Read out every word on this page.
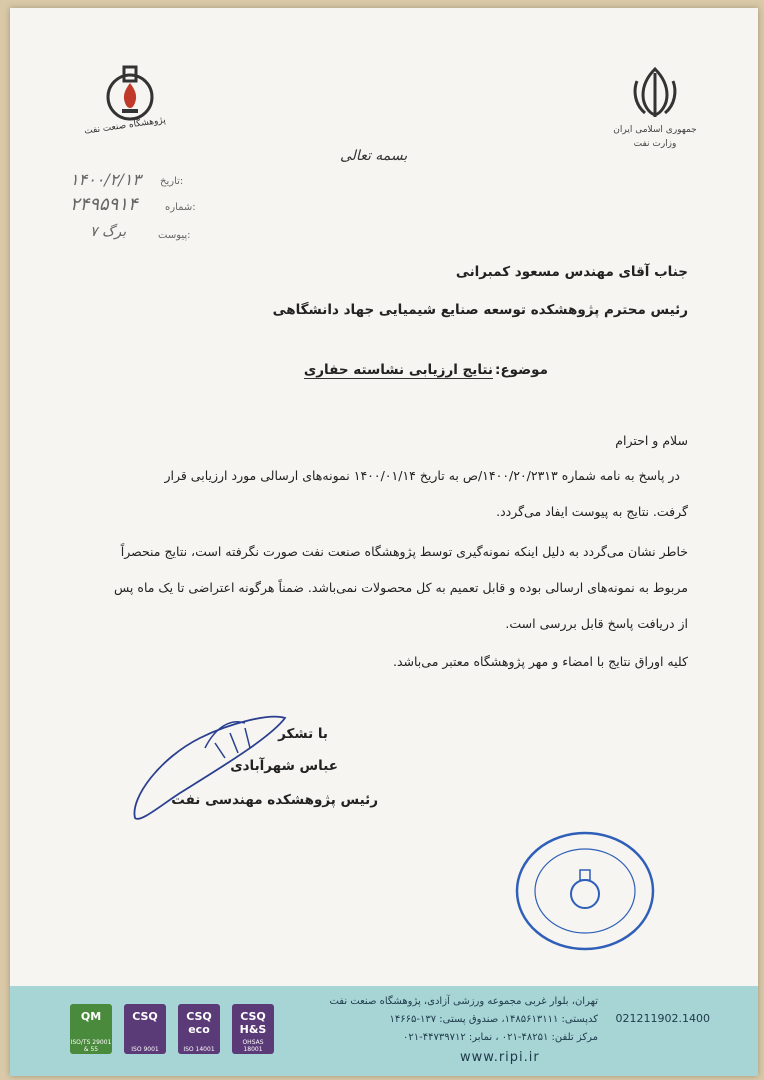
جمهوری اسلامی ایران
وزارت نفت
پژوهشگاه صنعت نفت
بسمه تعالی
تاریخ:
۱۴۰۰/۲/۱۳
شماره:
۲۴۹۵۹۱۴
پیوست:
۷ برگ
جناب آقای مهندس مسعود کمبرانی
رئیس محترم پژوهشکده توسعه صنایع شیمیایی جهاد دانشگاهی
موضوع:
نتایج ارزیابی نشاسته حفاری
سلام و احترام
در پاسخ به نامه شماره ۱۴۰۰/۲۰/۲۳۱۳/ص به تاریخ ۱۴۰۰/۰۱/۱۴ نمونه‌های ارسالی مورد ارزیابی قرار
گرفت. نتایج به پیوست ایفاد می‌گردد.
خاطر نشان می‌گردد به دلیل اینکه نمونه‌گیری توسط پژوهشگاه صنعت نفت صورت نگرفته است، نتایج منحصراً
مربوط به نمونه‌های ارسالی بوده و قابل تعمیم به کل محصولات نمی‌باشد. ضمناً هرگونه اعتراضی تا یک ماه پس
از دریافت پاسخ قابل بررسی است.
کلیه اوراق نتایج با امضاء و مهر پژوهشگاه معتبر می‌باشد.
با تشکر
عباس شهرآبادی
رئیس پژوهشکده مهندسی نفت
QM
ISO/TS 29001 & 55
CSQ
ISO 9001
CSQ eco
ISO 14001
CSQ H&S
OHSAS 18001
تهران، بلوار غربی مجموعه ورزشی آزادی، پژوهشگاه صنعت نفت
کدپستی: ۱۴۸۵۶۱۳۱۱۱، صندوق پستی: ۱۳۷-۱۴۶۶۵
مرکز تلفن: ۴۸۲۵۱-۰۲۱ ، نمابر: ۴۴۷۳۹۷۱۲-۰۲۱
021211902.1400
www.ripi.ir
